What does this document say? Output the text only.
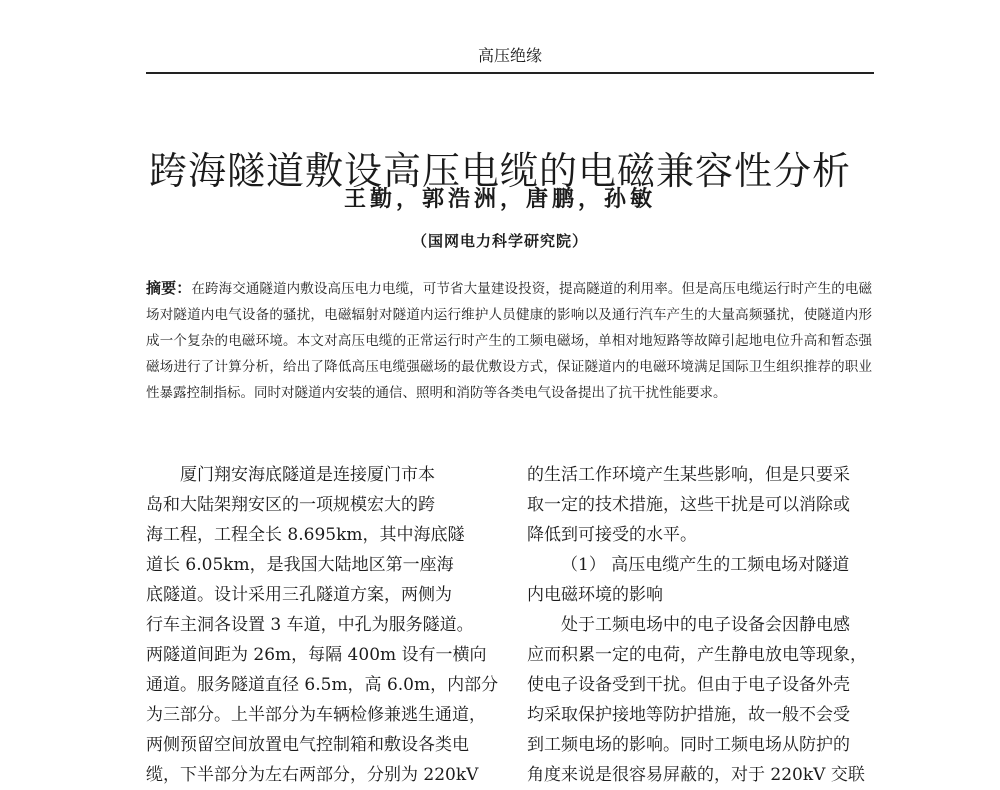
高压绝缘
跨海隧道敷设高压电缆的电磁兼容性分析
王勤，郭浩洲，唐鹏，孙敏
（国网电力科学研究院）
摘要：在跨海交通隧道内敷设高压电力电缆，可节省大量建设投资，提高隧道的利用率。但是高压电缆运行时产生的电磁场对隧道内电气设备的骚扰，电磁辐射对隧道内运行维护人员健康的影响以及通行汽车产生的大量高频骚扰，使隧道内形成一个复杂的电磁环境。本文对高压电缆的正常运行时产生的工频电磁场，单相对地短路等故障引起地电位升高和暂态强磁场进行了计算分析，给出了降低高压电缆强磁场的最优敷设方式，保证隧道内的电磁环境满足国际卫生组织推荐的职业性暴露控制指标。同时对隧道内安装的通信、照明和消防等各类电气设备提出了抗干扰性能要求。

厦门翔安海底隧道是连接厦门市本

岛和大陆架翔安区的一项规模宏大的跨

海工程，工程全长 8.695km，其中海底隧

道长 6.05km，是我国大陆地区第一座海

底隧道。设计采用三孔隧道方案，两侧为

行车主洞各设置 3 车道，中孔为服务隧道。

两隧道间距为 26m，每隔 400m 设有一横向

通道。服务隧道直径 6.5m，高 6.0m，内部分

为三部分。上半部分为车辆检修兼逃生通道，

两侧预留空间放置电气控制箱和敷设各类电

缆，下半部分为左右两部分，分别为 220kV

的生活工作环境产生某些影响，但是只要采

取一定的技术措施，这些干扰是可以消除或

降低到可接受的水平。

（1） 高压电缆产生的工频电场对隧道

内电磁环境的影响

处于工频电场中的电子设备会因静电感

应而积累一定的电荷，产生静电放电等现象，

使电子设备受到干扰。但由于电子设备外壳

均采取保护接地等防护措施，故一般不会受

到工频电场的影响。同时工频电场从防护的

角度来说是很容易屏蔽的，对于 220kV 交联
